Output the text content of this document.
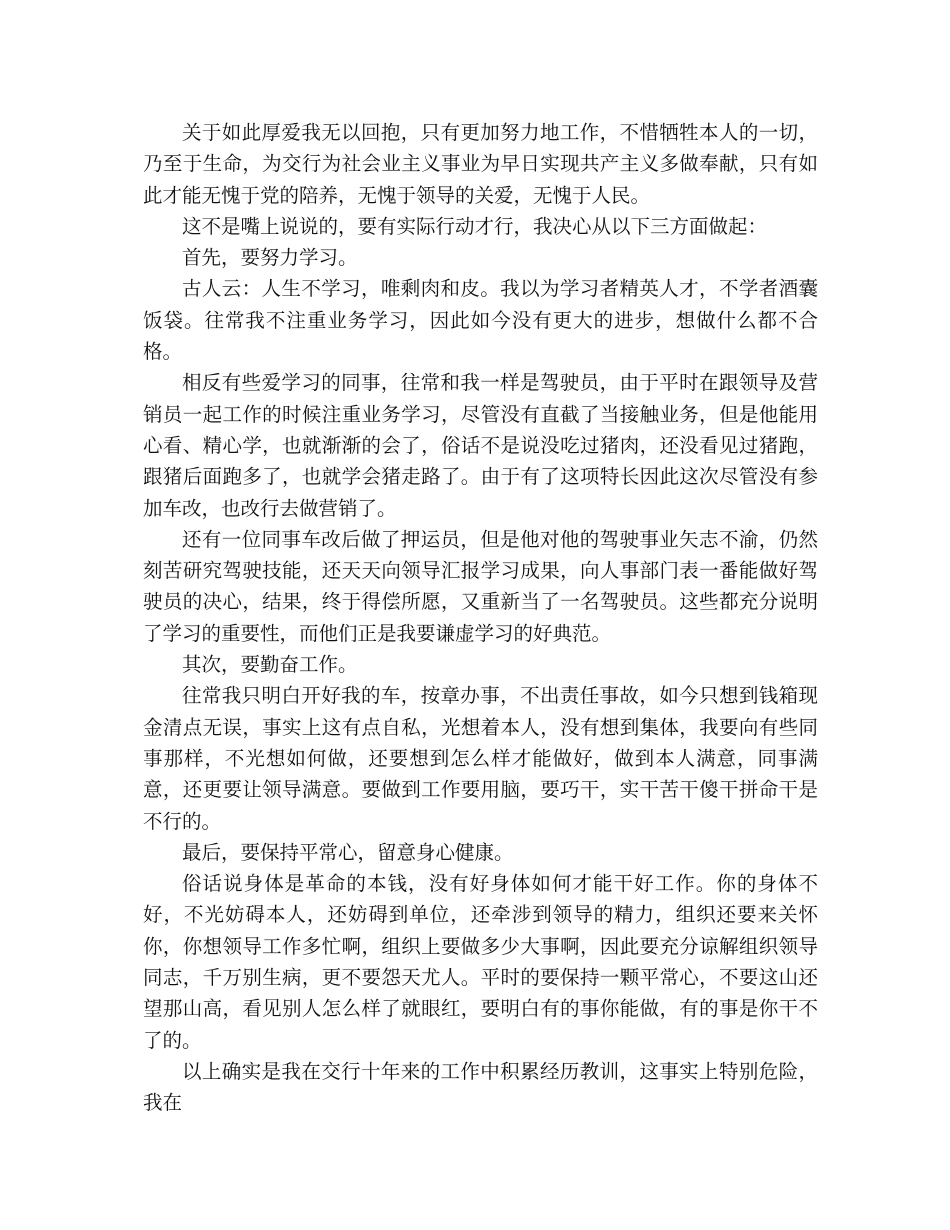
关于如此厚爱我无以回抱，只有更加努力地工作，不惜牺牲本人的一切，乃至于生命，为交行为社会业主义事业为早日实现共产主义多做奉献，只有如此才能无愧于党的陪养，无愧于领导的关爱，无愧于人民。

这不是嘴上说说的，要有实际行动才行，我决心从以下三方面做起：

首先，要努力学习。

古人云：人生不学习，唯剩肉和皮。我以为学习者精英人才，不学者酒囊饭袋。往常我不注重业务学习，因此如今没有更大的进步，想做什么都不合格。

相反有些爱学习的同事，往常和我一样是驾驶员，由于平时在跟领导及营销员一起工作的时候注重业务学习，尽管没有直截了当接触业务，但是他能用心看、精心学，也就渐渐的会了，俗话不是说没吃过猪肉，还没看见过猪跑，跟猪后面跑多了，也就学会猪走路了。由于有了这项特长因此这次尽管没有参加车改，也改行去做营销了。

还有一位同事车改后做了押运员，但是他对他的驾驶事业矢志不渝，仍然刻苦研究驾驶技能，还天天向领导汇报学习成果，向人事部门表一番能做好驾驶员的决心，结果，终于得偿所愿，又重新当了一名驾驶员。这些都充分说明了学习的重要性，而他们正是我要谦虚学习的好典范。

其次，要勤奋工作。

往常我只明白开好我的车，按章办事，不出责任事故，如今只想到钱箱现金清点无误，事实上这有点自私，光想着本人，没有想到集体，我要向有些同事那样，不光想如何做，还要想到怎么样才能做好，做到本人满意，同事满意，还更要让领导满意。要做到工作要用脑，要巧干，实干苦干傻干拼命干是不行的。

最后，要保持平常心，留意身心健康。

俗话说身体是革命的本钱，没有好身体如何才能干好工作。你的身体不好，不光妨碍本人，还妨碍到单位，还牵涉到领导的精力，组织还要来关怀你，你想领导工作多忙啊，组织上要做多少大事啊，因此要充分谅解组织领导同志，千万别生病，更不要怨天尤人。平时的要保持一颗平常心，不要这山还望那山高，看见别人怎么样了就眼红，要明白有的事你能做，有的事是你干不了的。

以上确实是我在交行十年来的工作中积累经历教训，这事实上特别危险，我在
